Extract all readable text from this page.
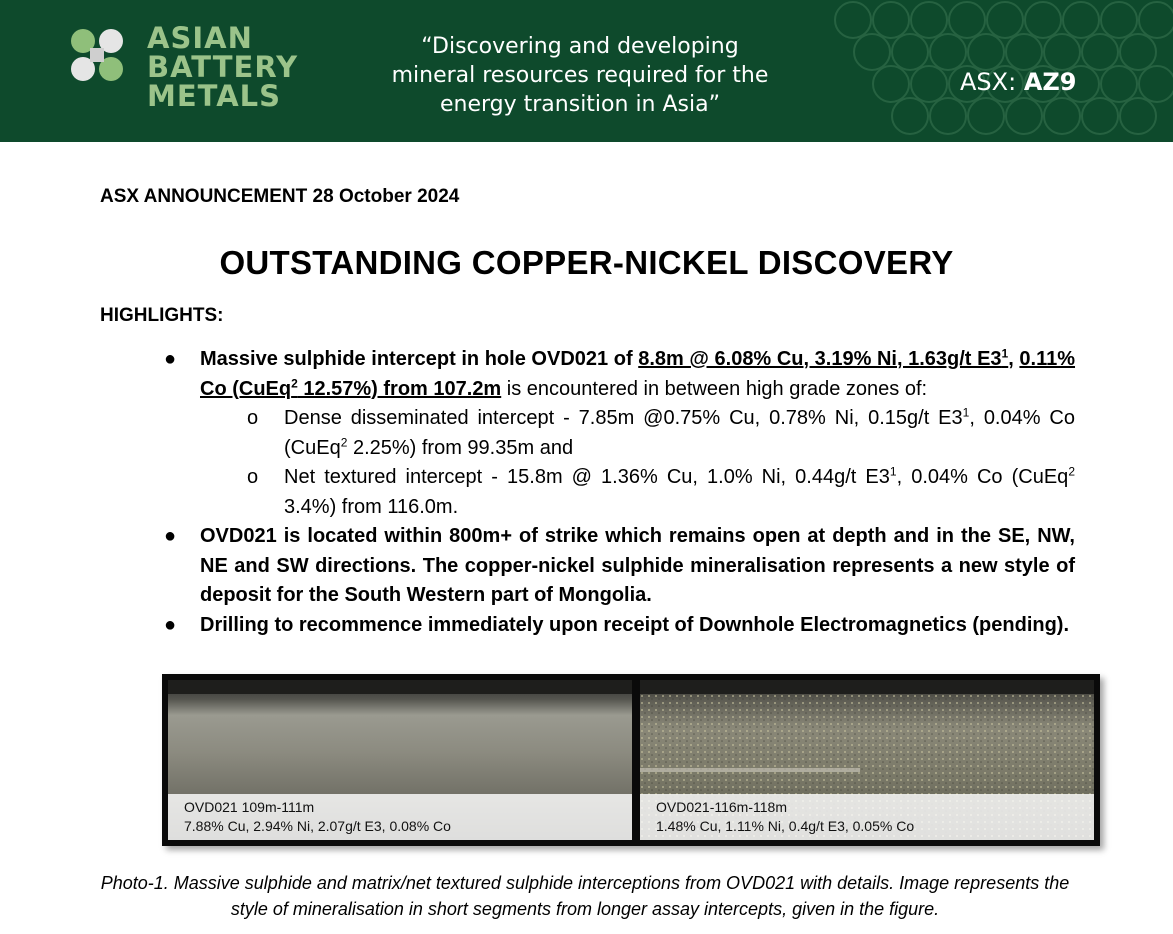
ASIAN
BATTERY
METALS
“Discovering and developing
mineral resources required for the
energy transition in Asia”
ASX: AZ9
ASX ANNOUNCEMENT 28 October 2024
OUTSTANDING COPPER-NICKEL DISCOVERY
HIGHLIGHTS:
● Massive sulphide intercept in hole OVD021 of 8.8m @ 6.08% Cu, 3.19% Ni, 1.63g/t $E3^1$, 0.11% Co (CuEq$^2$ 12.57%) from 107.2m is encountered in between high grade zones of:
o Dense disseminated intercept - 7.85m @0.75% Cu, 0.78% Ni, 0.15g/t $E3^1$, 0.04% Co (CuEq$^2$ 2.25%) from 99.35m and
o Net textured intercept - 15.8m @ 1.36% Cu, 1.0% Ni, 0.44g/t $E3^1$, 0.04% Co (CuEq$^2$ 3.4%) from 116.0m.
● OVD021 is located within 800m+ of strike which remains open at depth and in the SE, NW, NE and SW directions. The copper-nickel sulphide mineralisation represents a new style of deposit for the South Western part of Mongolia.
● Drilling to recommence immediately upon receipt of Downhole Electromagnetics (pending).
OVD021 109m-111m
7.88% Cu, 2.94% Ni, 2.07g/t E3, 0.08% Co
OVD021-116m-118m
1.48% Cu, 1.11% Ni, 0.4g/t E3, 0.05% Co
Photo-1. Massive sulphide and matrix/net textured sulphide interceptions from OVD021 with details. Image represents the style of mineralisation in short segments from longer assay intercepts, given in the figure.
